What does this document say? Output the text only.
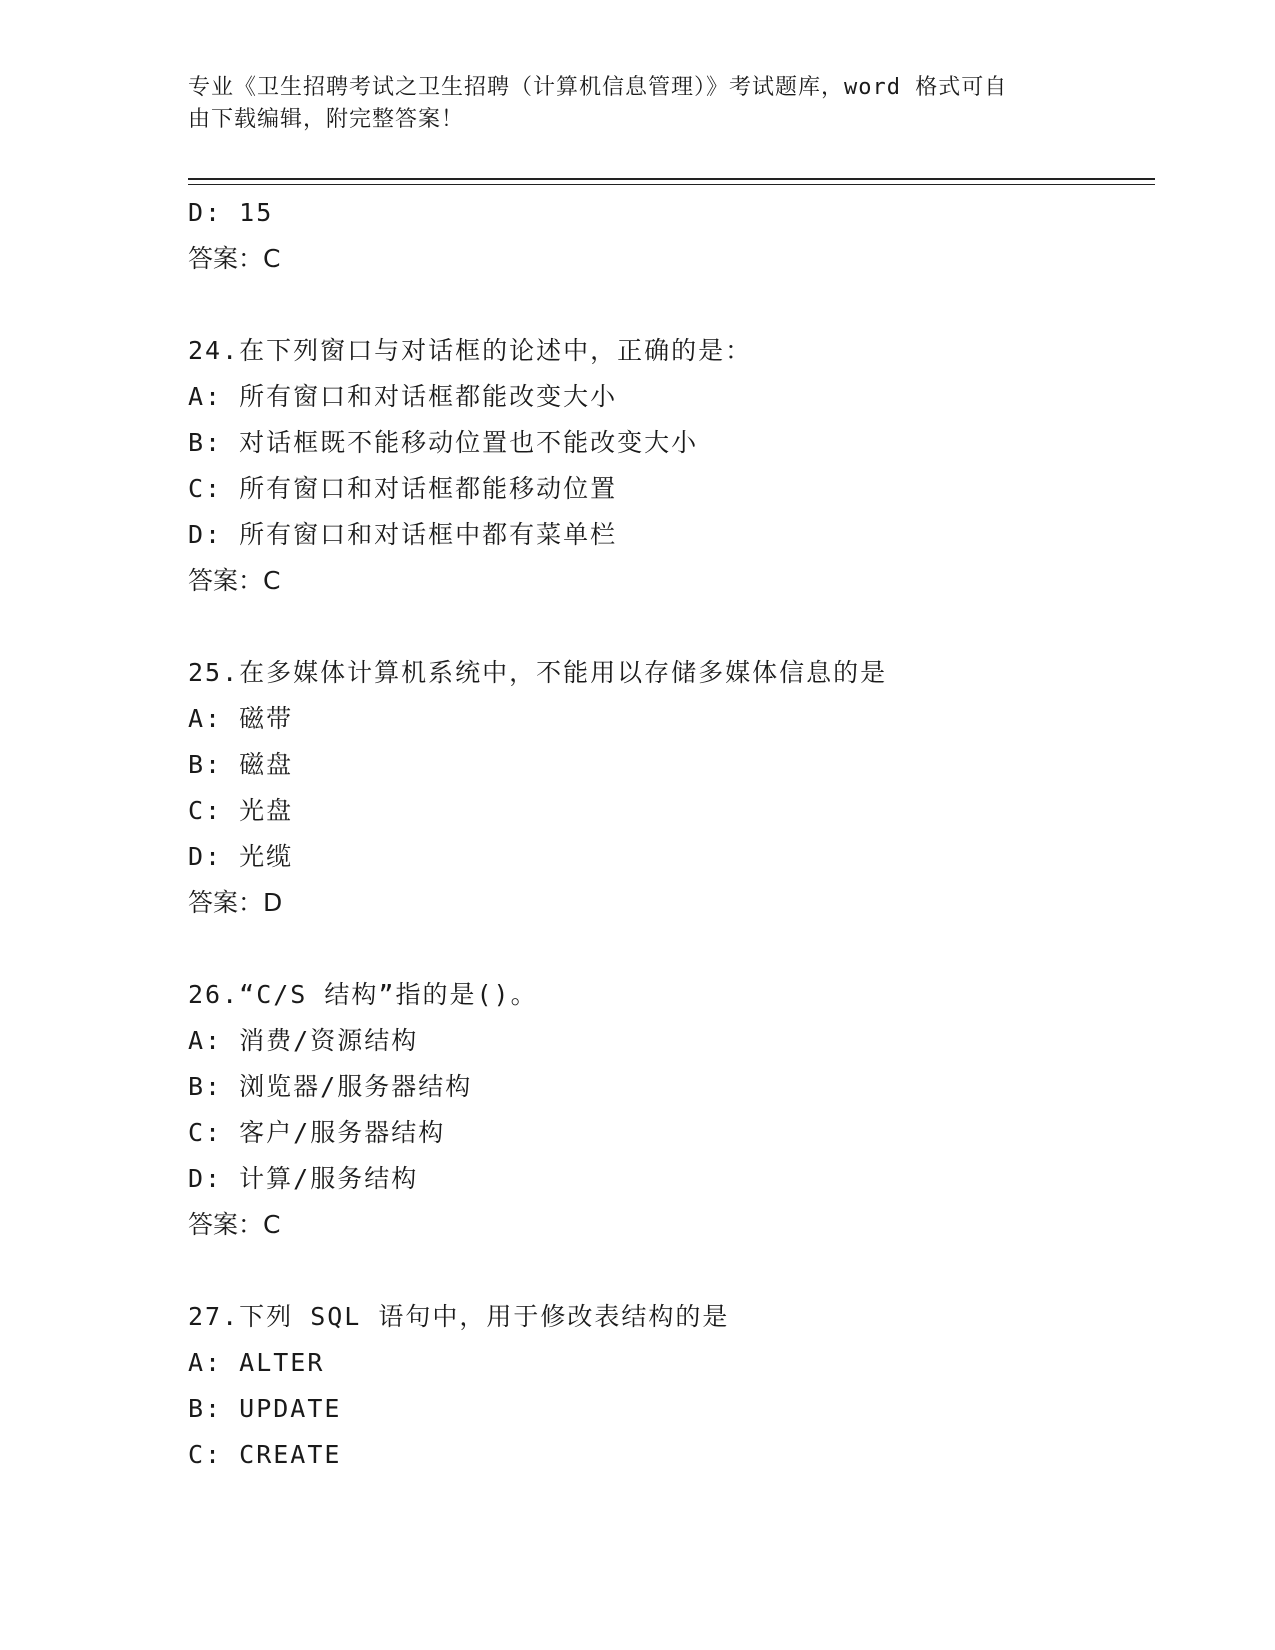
专业《卫生招聘考试之卫生招聘（计算机信息管理）》考试题库，word 格式可自
由下载编辑，附完整答案！
D: 15
答案：C
24.在下列窗口与对话框的论述中，正确的是：
A: 所有窗口和对话框都能改变大小
B: 对话框既不能移动位置也不能改变大小
C: 所有窗口和对话框都能移动位置
D: 所有窗口和对话框中都有菜单栏
答案：C
25.在多媒体计算机系统中，不能用以存储多媒体信息的是
A: 磁带
B: 磁盘
C: 光盘
D: 光缆
答案：D
26.“C/S 结构”指的是()。
A: 消费/资源结构
B: 浏览器/服务器结构
C: 客户/服务器结构
D: 计算/服务结构
答案：C
27.下列 SQL 语句中，用于修改表结构的是
A: ALTER
B: UPDATE
C: CREATE
